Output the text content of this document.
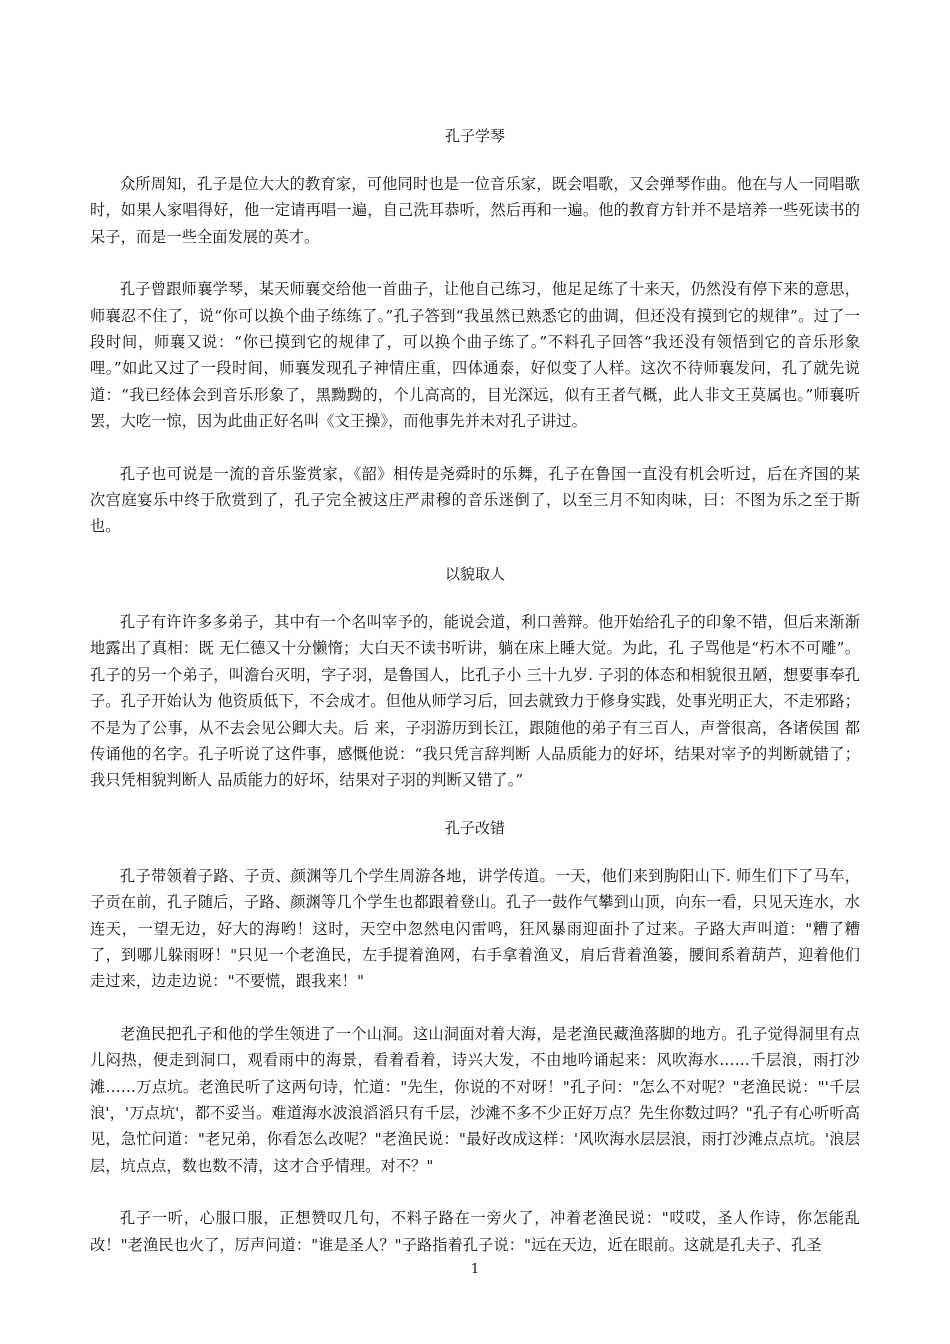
孔子学琴

众所周知，孔子是位大大的教育家，可他同时也是一位音乐家，既会唱歌，又会弹琴作曲。他在与人一同唱歌时，如果人家唱得好，他一定请再唱一遍，自己洗耳恭听，然后再和一遍。他的教育方针并不是培养一些死读书的呆子，而是一些全面发展的英才。

孔子曾跟师襄学琴，某天师襄交给他一首曲子，让他自己练习，他足足练了十来天，仍然没有停下来的意思，师襄忍不住了，说“你可以换个曲子练练了。”孔子答到“我虽然已熟悉它的曲调，但还没有摸到它的规律”。过了一段时间，师襄又说：“你已摸到它的规律了，可以换个曲子练了。”不料孔子回答“我还没有领悟到它的音乐形象哩。”如此又过了一段时间，师襄发现孔子神情庄重，四体通泰，好似变了人样。这次不待师襄发问，孔了就先说道：“我已经体会到音乐形象了，黑黝黝的，个儿高高的，目光深远，似有王者气概，此人非文王莫属也。”师襄听罢，大吃一惊，因为此曲正好名叫《文王操》，而他事先并未对孔子讲过。

孔子也可说是一流的音乐鉴赏家，《韶》相传是尧舜时的乐舞，孔子在鲁国一直没有机会听过，后在齐国的某次宫庭宴乐中终于欣赏到了，孔子完全被这庄严肃穆的音乐迷倒了，以至三月不知肉味，曰：不图为乐之至于斯也。

以貌取人

孔子有许许多多弟子，其中有一个名叫宰予的，能说会道，利口善辩。他开始给孔子的印象不错，但后来渐渐地露出了真相：既 无仁德又十分懒惰；大白天不读书听讲，躺在床上睡大觉。为此，孔 子骂他是“朽木不可雕”。孔子的另一个弟子，叫澹台灭明，字子羽，是鲁国人，比孔子小 三十九岁. 子羽的体态和相貌很丑陋，想要事奉孔子。孔子开始认为 他资质低下，不会成才。但他从师学习后，回去就致力于修身实践，处事光明正大，不走邪路；不是为了公事，从不去会见公卿大夫。后 来，子羽游历到长江，跟随他的弟子有三百人，声誉很高，各诸侯国 都传诵他的名字。孔子听说了这件事，感慨他说：“我只凭言辞判断 人品质能力的好坏，结果对宰予的判断就错了；我只凭相貌判断人 品质能力的好坏，结果对子羽的判断又错了。”

孔子改错

孔子带领着子路、子贡、颜渊等几个学生周游各地，讲学传道。一天，他们来到朐阳山下. 师生们下了马车，子贡在前，孔子随后，子路、颜渊等几个学生也都跟着登山。孔子一鼓作气攀到山顶，向东一看，只见天连水，水连天，一望无边，好大的海哟！这时，天空中忽然电闪雷鸣，狂风暴雨迎面扑了过来。子路大声叫道："糟了糟了，到哪儿躲雨呀！"只见一个老渔民，左手提着渔网，右手拿着渔叉，肩后背着渔篓，腰间系着葫芦，迎着他们走过来，边走边说："不要慌，跟我来！"

老渔民把孔子和他的学生领进了一个山洞。这山洞面对着大海，是老渔民藏渔落脚的地方。孔子觉得洞里有点儿闷热，便走到洞口，观看雨中的海景，看着看着，诗兴大发，不由地吟诵起来：风吹海水……千层浪，雨打沙滩……万点坑。老渔民听了这两句诗，忙道："先生，你说的不对呀！"孔子问："怎么不对呢？"老渔民说："'千层浪'，'万点坑'，都不妥当。难道海水波浪滔滔只有千层，沙滩不多不少正好万点？先生你数过吗？"孔子有心听听高见，急忙问道："老兄弟，你看怎么改呢？"老渔民说："最好改成这样：'风吹海水层层浪，雨打沙滩点点坑。'浪层层，坑点点，数也数不清，这才合乎情理。对不？"

孔子一听，心服口服，正想赞叹几句，不料子路在一旁火了，冲着老渔民说："哎哎，圣人作诗，你怎能乱改！"老渔民也火了，厉声问道："谁是圣人？"子路指着孔子说："远在天边，近在眼前。这就是孔夫子、孔圣

1
